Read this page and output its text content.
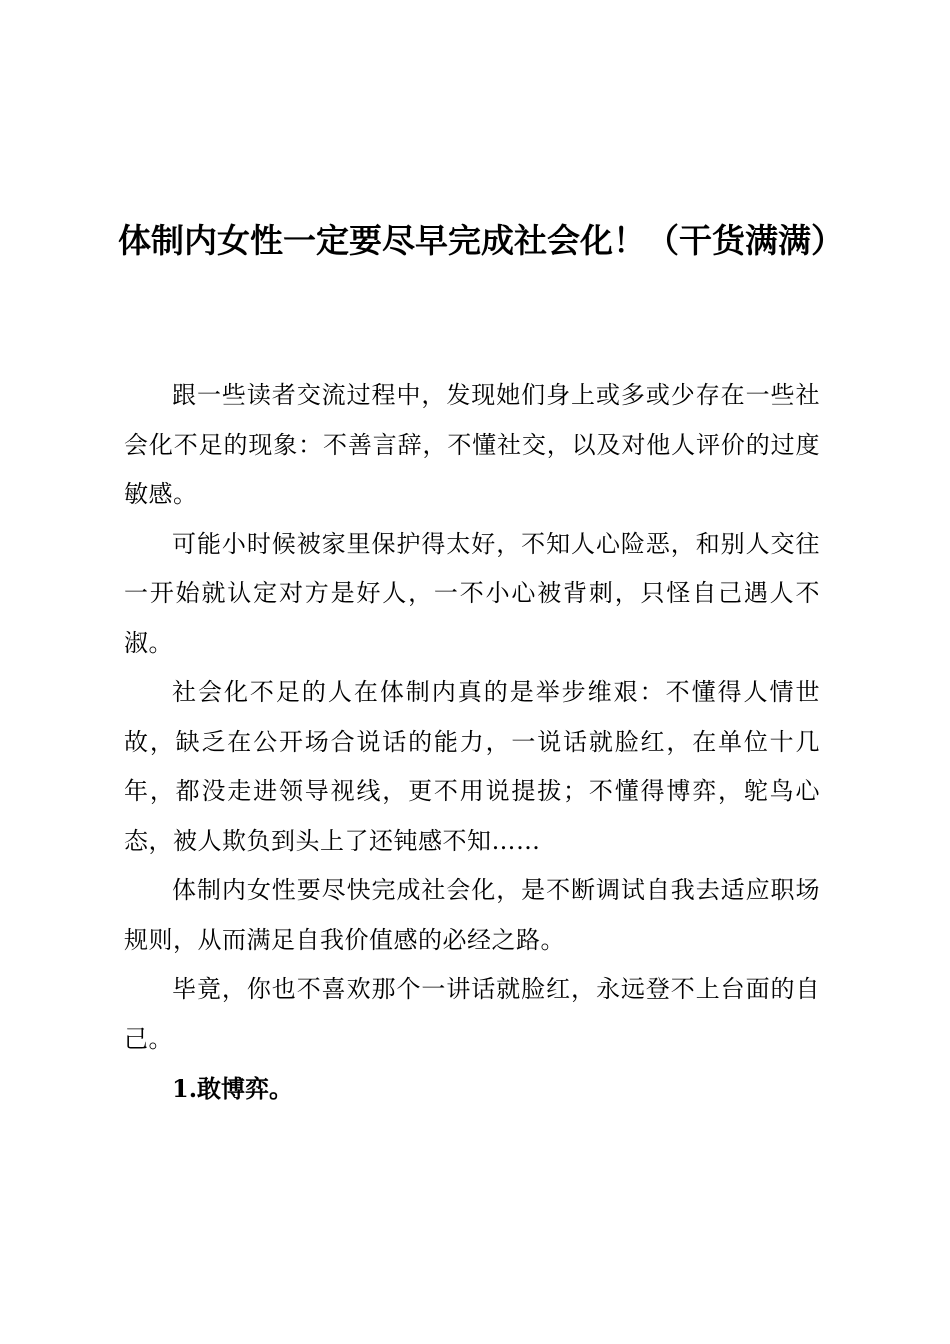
体制内女性一定要尽早完成社会化！（干货满满）

跟一些读者交流过程中，发现她们身上或多或少存在一些社会化不足的现象：不善言辞，不懂社交，以及对他人评价的过度敏感。

可能小时候被家里保护得太好，不知人心险恶，和别人交往一开始就认定对方是好人，一不小心被背刺，只怪自己遇人不淑。

社会化不足的人在体制内真的是举步维艰：不懂得人情世故，缺乏在公开场合说话的能力，一说话就脸红，在单位十几年，都没走进领导视线，更不用说提拔；不懂得博弈，鸵鸟心态，被人欺负到头上了还钝感不知……

体制内女性要尽快完成社会化，是不断调试自我去适应职场规则，从而满足自我价值感的必经之路。

毕竟，你也不喜欢那个一讲话就脸红，永远登不上台面的自己。

1.敢博弈。
